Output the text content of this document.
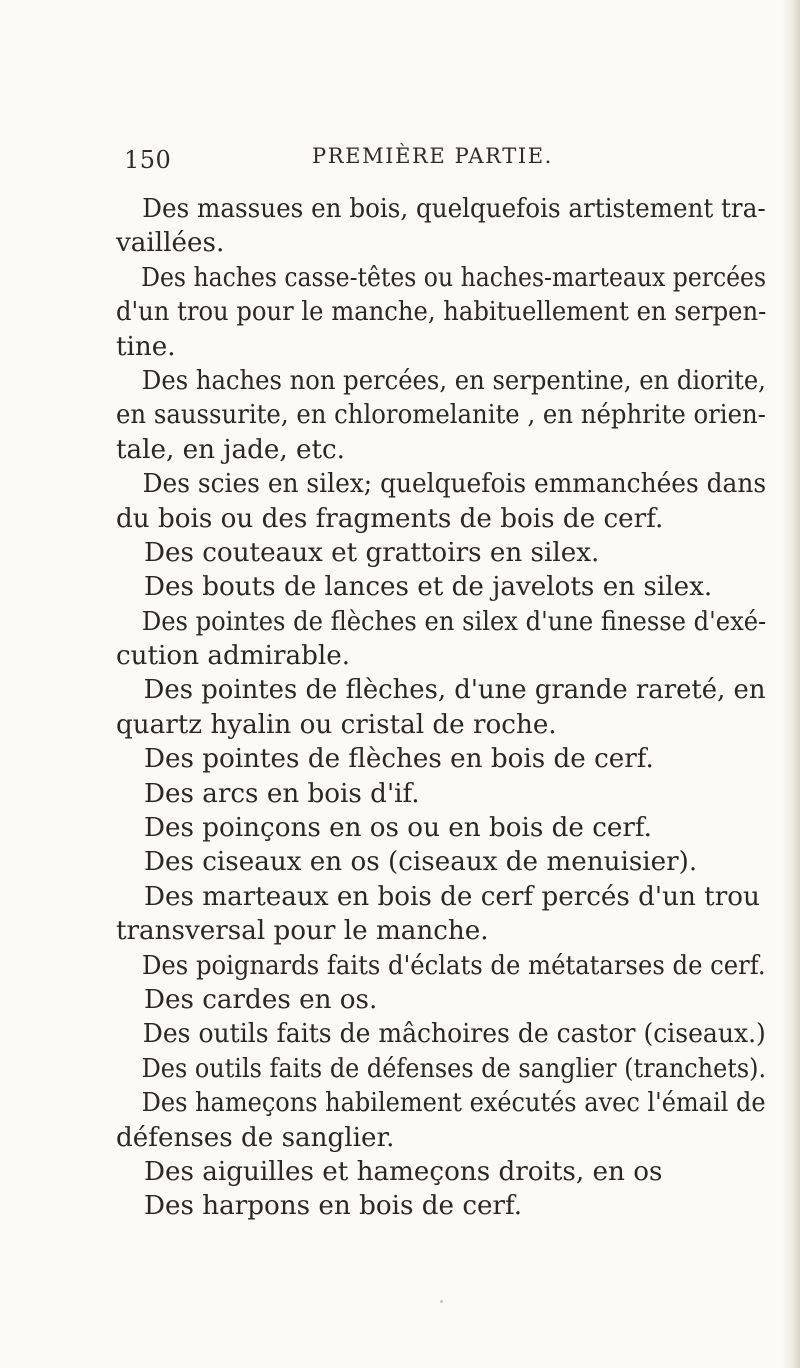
150	PREMIÈRE PARTIE.
Des massues en bois, quelquefois artistement tra-
vaillées.
Des haches casse-têtes ou haches-marteaux percées
d'un trou pour le manche, habituellement en serpen-
tine.
Des haches non percées, en serpentine, en diorite,
en saussurite, en chloromelanite , en néphrite orien-
tale, en jade, etc.
Des scies en silex; quelquefois emmanchées dans
du bois ou des fragments de bois de cerf.
Des couteaux et grattoirs en silex.
Des bouts de lances et de javelots en silex.
Des pointes de flèches en silex d'une finesse d'exé-
cution admirable.
Des pointes de flèches, d'une grande rareté, en
quartz hyalin ou cristal de roche.
Des pointes de flèches en bois de cerf.
Des arcs en bois d'if.
Des poinçons en os ou en bois de cerf.
Des ciseaux en os (ciseaux de menuisier).
Des marteaux en bois de cerf percés d'un trou
transversal pour le manche.
Des poignards faits d'éclats de métatarses de cerf.
Des cardes en os.
Des outils faits de mâchoires de castor (ciseaux.)
Des outils faits de défenses de sanglier (tranchets).
Des hameçons habilement exécutés avec l'émail de
défenses de sanglier.
Des aiguilles et hameçons droits, en os
Des harpons en bois de cerf.
